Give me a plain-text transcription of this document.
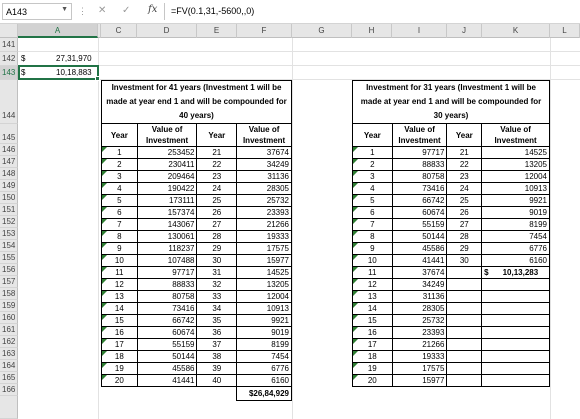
A143	▼ ⋮ ✕ ✓ fx	=FV(0.1,31,-5600,,0)
A	C	D	E	F	G	H	I	J	K	L
141
142
143
144
145
146
147
148
149
150
151
152
153
154
155
156
157
158
159
160
161
162
163
164
165
166
$	27,31,970
$	10,18,883
Investment for 41 years (Investment 1 will be made at year end 1 and will be compounded for 40 years)			
Year	Value of Investment	Year	Value of Investment
1	253452	21	37674
2	230411	22	34249
3	209464	23	31136
4	190422	24	28305
5	173111	25	25732
6	157374	26	23393
7	143067	27	21266
8	130061	28	19333
9	118237	29	17575
10	107488	30	15977
11	97717	31	14525
12	88833	32	13205
13	80758	33	12004
14	73416	34	10913
15	66742	35	9921
16	60674	36	9019
17	55159	37	8199
18	50144	38	7454
19	45586	39	6776
20	41441	40	6160
			$26,84,929
Investment for 31 years (Investment 1 will be made at year end 1 and will be compounded for 30 years)			
Year	Value of Investment	Year	Value of Investment
1	97717	21	14525
2	88833	22	13205
3	80758	23	12004
4	73416	24	10913
5	66742	25	9921
6	60674	26	9019
7	55159	27	8199
8	50144	28	7454
9	45586	29	6776
10	41441	30	6160
11	37674		$ 10,13,283
12	34249		
13	31136		
14	28305		
15	25732		
16	23393		
17	21266		
18	19333		
19	17575		
20	15977		
